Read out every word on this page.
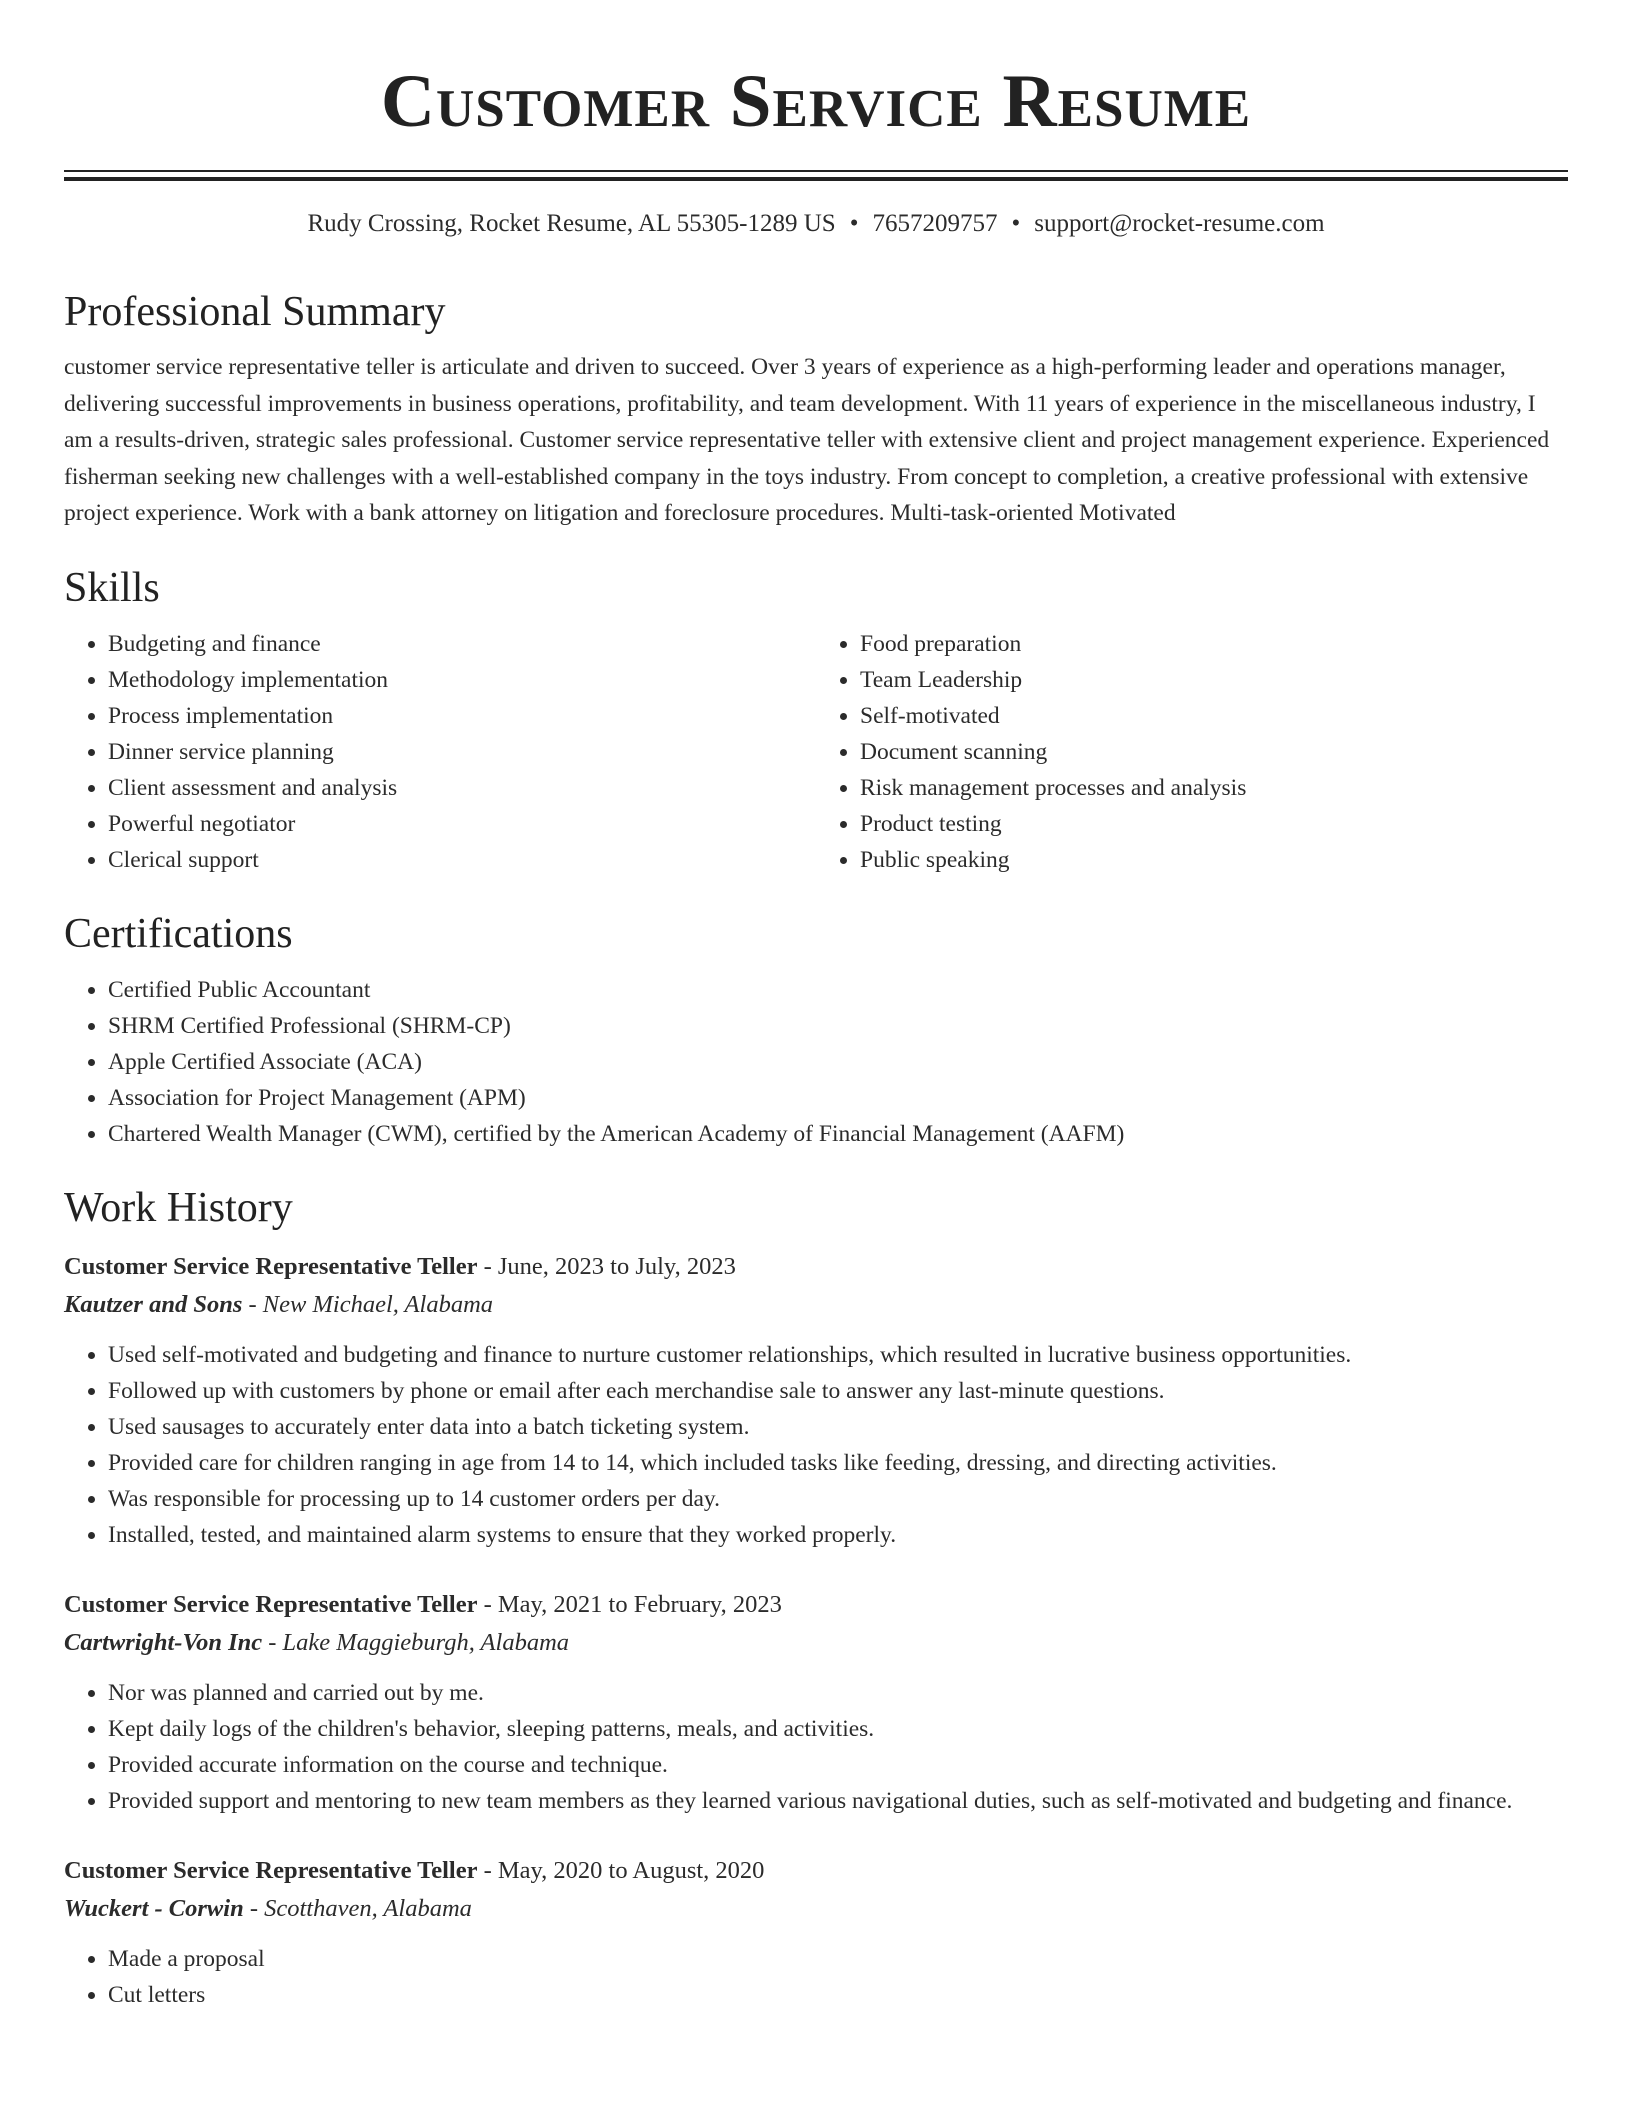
Customer Service Resume
Rudy Crossing, Rocket Resume, AL 55305-1289 US • 7657209757 • support@rocket-resume.com
Professional Summary

customer service representative teller is articulate and driven to succeed. Over 3 years of experience as a high-performing leader and operations manager, delivering successful improvements in business operations, profitability, and team development. With 11 years of experience in the miscellaneous industry, I am a results-driven, strategic sales professional. Customer service representative teller with extensive client and project management experience. Experienced fisherman seeking new challenges with a well-established company in the toys industry. From concept to completion, a creative professional with extensive project experience. Work with a bank attorney on litigation and foreclosure procedures. Multi-task-oriented Motivated

Skills
• Budgeting and finance
• Methodology implementation
• Process implementation
• Dinner service planning
• Client assessment and analysis
• Powerful negotiator
• Clerical support
• Food preparation
• Team Leadership
• Self-motivated
• Document scanning
• Risk management processes and analysis
• Product testing
• Public speaking
Certifications
• Certified Public Accountant
• SHRM Certified Professional (SHRM-CP)
• Apple Certified Associate (ACA)
• Association for Project Management (APM)
• Chartered Wealth Manager (CWM), certified by the American Academy of Financial Management (AAFM)
Work History

Customer Service Representative Teller - June, 2023 to July, 2023

Kautzer and Sons - New Michael, Alabama

• Used self-motivated and budgeting and finance to nurture customer relationships, which resulted in lucrative business opportunities.
• Followed up with customers by phone or email after each merchandise sale to answer any last-minute questions.
• Used sausages to accurately enter data into a batch ticketing system.
• Provided care for children ranging in age from 14 to 14, which included tasks like feeding, dressing, and directing activities.
• Was responsible for processing up to 14 customer orders per day.
• Installed, tested, and maintained alarm systems to ensure that they worked properly.

Customer Service Representative Teller - May, 2021 to February, 2023

Cartwright-Von Inc - Lake Maggieburgh, Alabama

• Nor was planned and carried out by me.
• Kept daily logs of the children's behavior, sleeping patterns, meals, and activities.
• Provided accurate information on the course and technique.
• Provided support and mentoring to new team members as they learned various navigational duties, such as self-motivated and budgeting and finance.

Customer Service Representative Teller - May, 2020 to August, 2020

Wuckert - Corwin - Scotthaven, Alabama

• Made a proposal
• Cut letters
